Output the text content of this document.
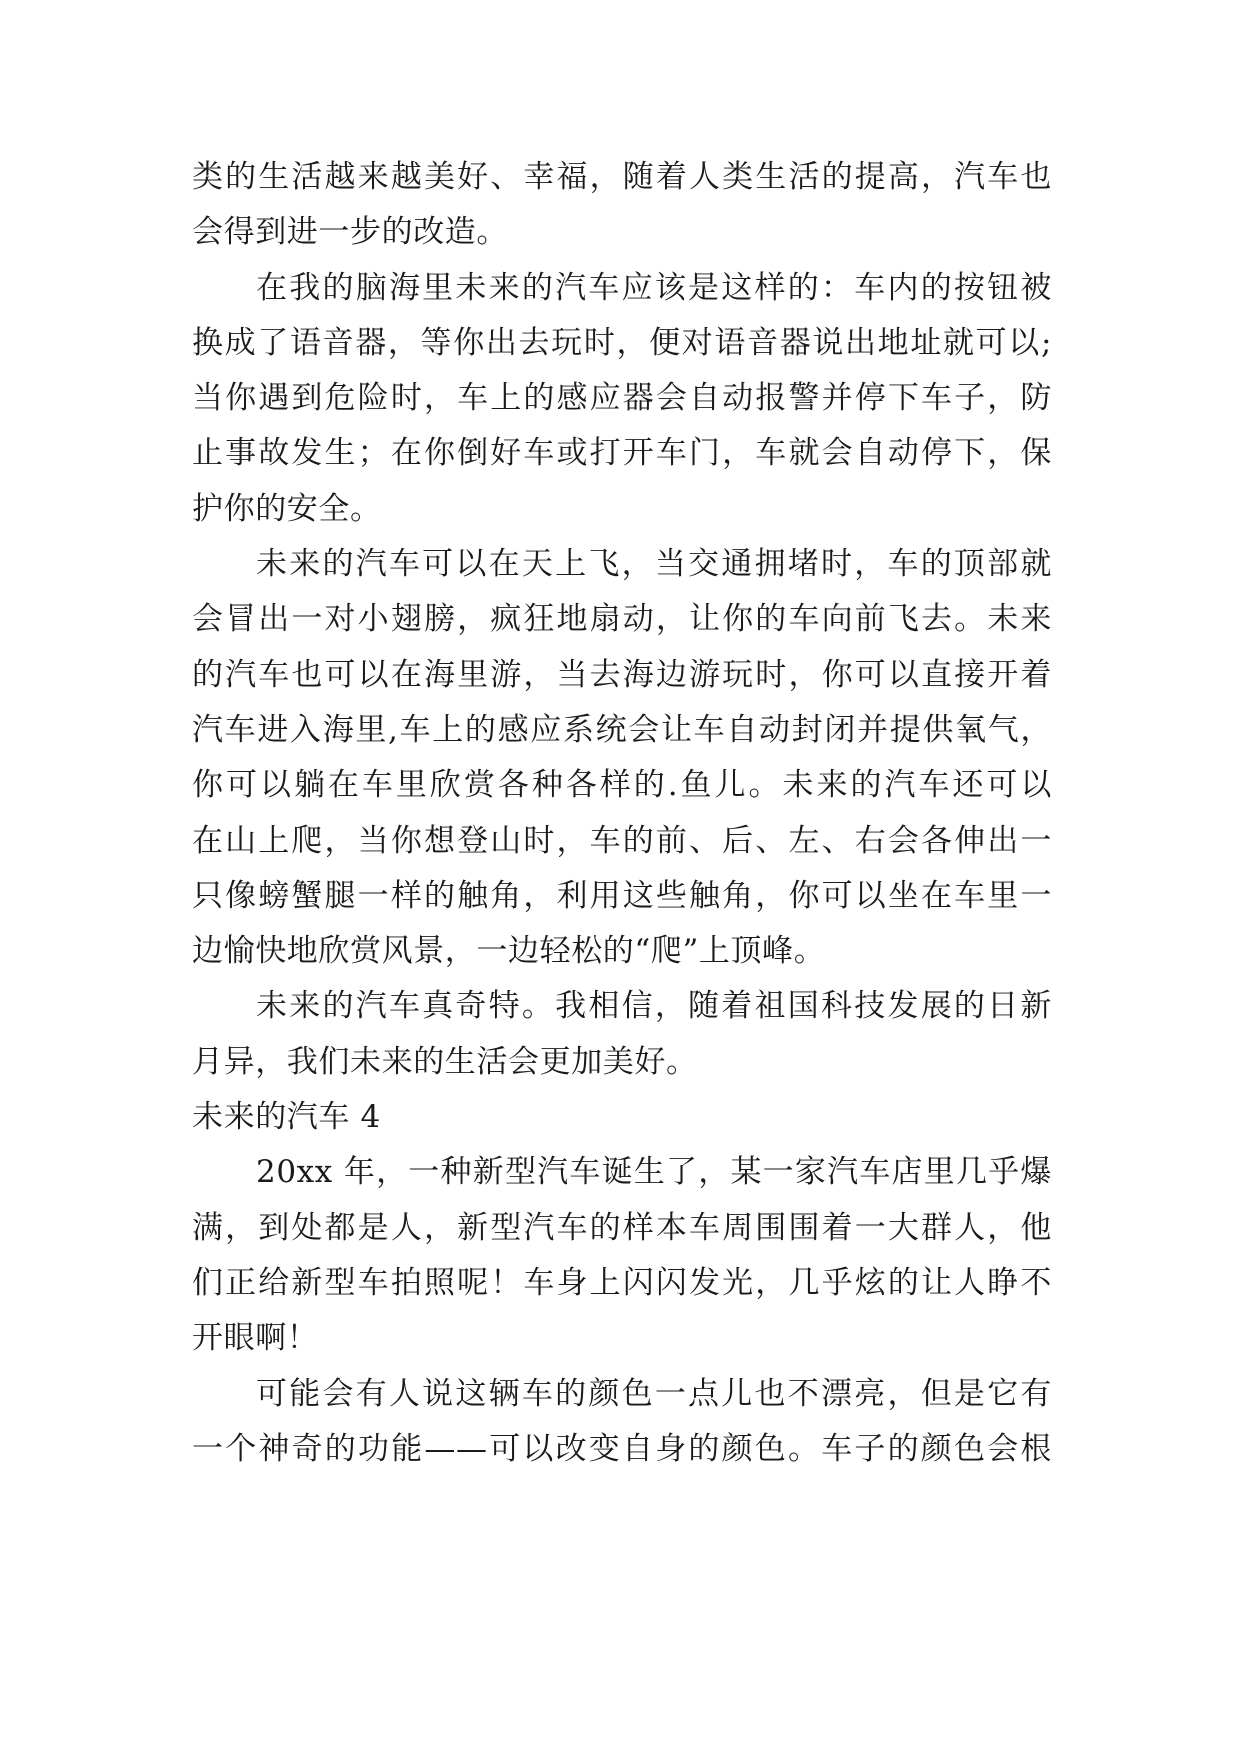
类的生活越来越美好、幸福，随着人类生活的提高，汽车也
会得到进一步的改造。
在我的脑海里未来的汽车应该是这样的：车内的按钮被
换成了语音器，等你出去玩时，便对语音器说出地址就可以;
当你遇到危险时，车上的感应器会自动报警并停下车子，防
止事故发生；在你倒好车或打开车门，车就会自动停下，保
护你的安全。
未来的汽车可以在天上飞，当交通拥堵时，车的顶部就
会冒出一对小翅膀，疯狂地扇动，让你的车向前飞去。未来
的汽车也可以在海里游，当去海边游玩时，你可以直接开着
汽车进入海里,车上的感应系统会让车自动封闭并提供氧气，
你可以躺在车里欣赏各种各样的.鱼儿。未来的汽车还可以
在山上爬，当你想登山时，车的前、后、左、右会各伸出一
只像螃蟹腿一样的触角，利用这些触角，你可以坐在车里一
边愉快地欣赏风景，一边轻松的“爬”上顶峰。
未来的汽车真奇特。我相信，随着祖国科技发展的日新
月异，我们未来的生活会更加美好。
未来的汽车 4
20xx 年，一种新型汽车诞生了，某一家汽车店里几乎爆
满，到处都是人，新型汽车的样本车周围围着一大群人，他
们正给新型车拍照呢！车身上闪闪发光，几乎炫的让人睁不
开眼啊！
可能会有人说这辆车的颜色一点儿也不漂亮，但是它有
一个神奇的功能——可以改变自身的颜色。车子的颜色会根
